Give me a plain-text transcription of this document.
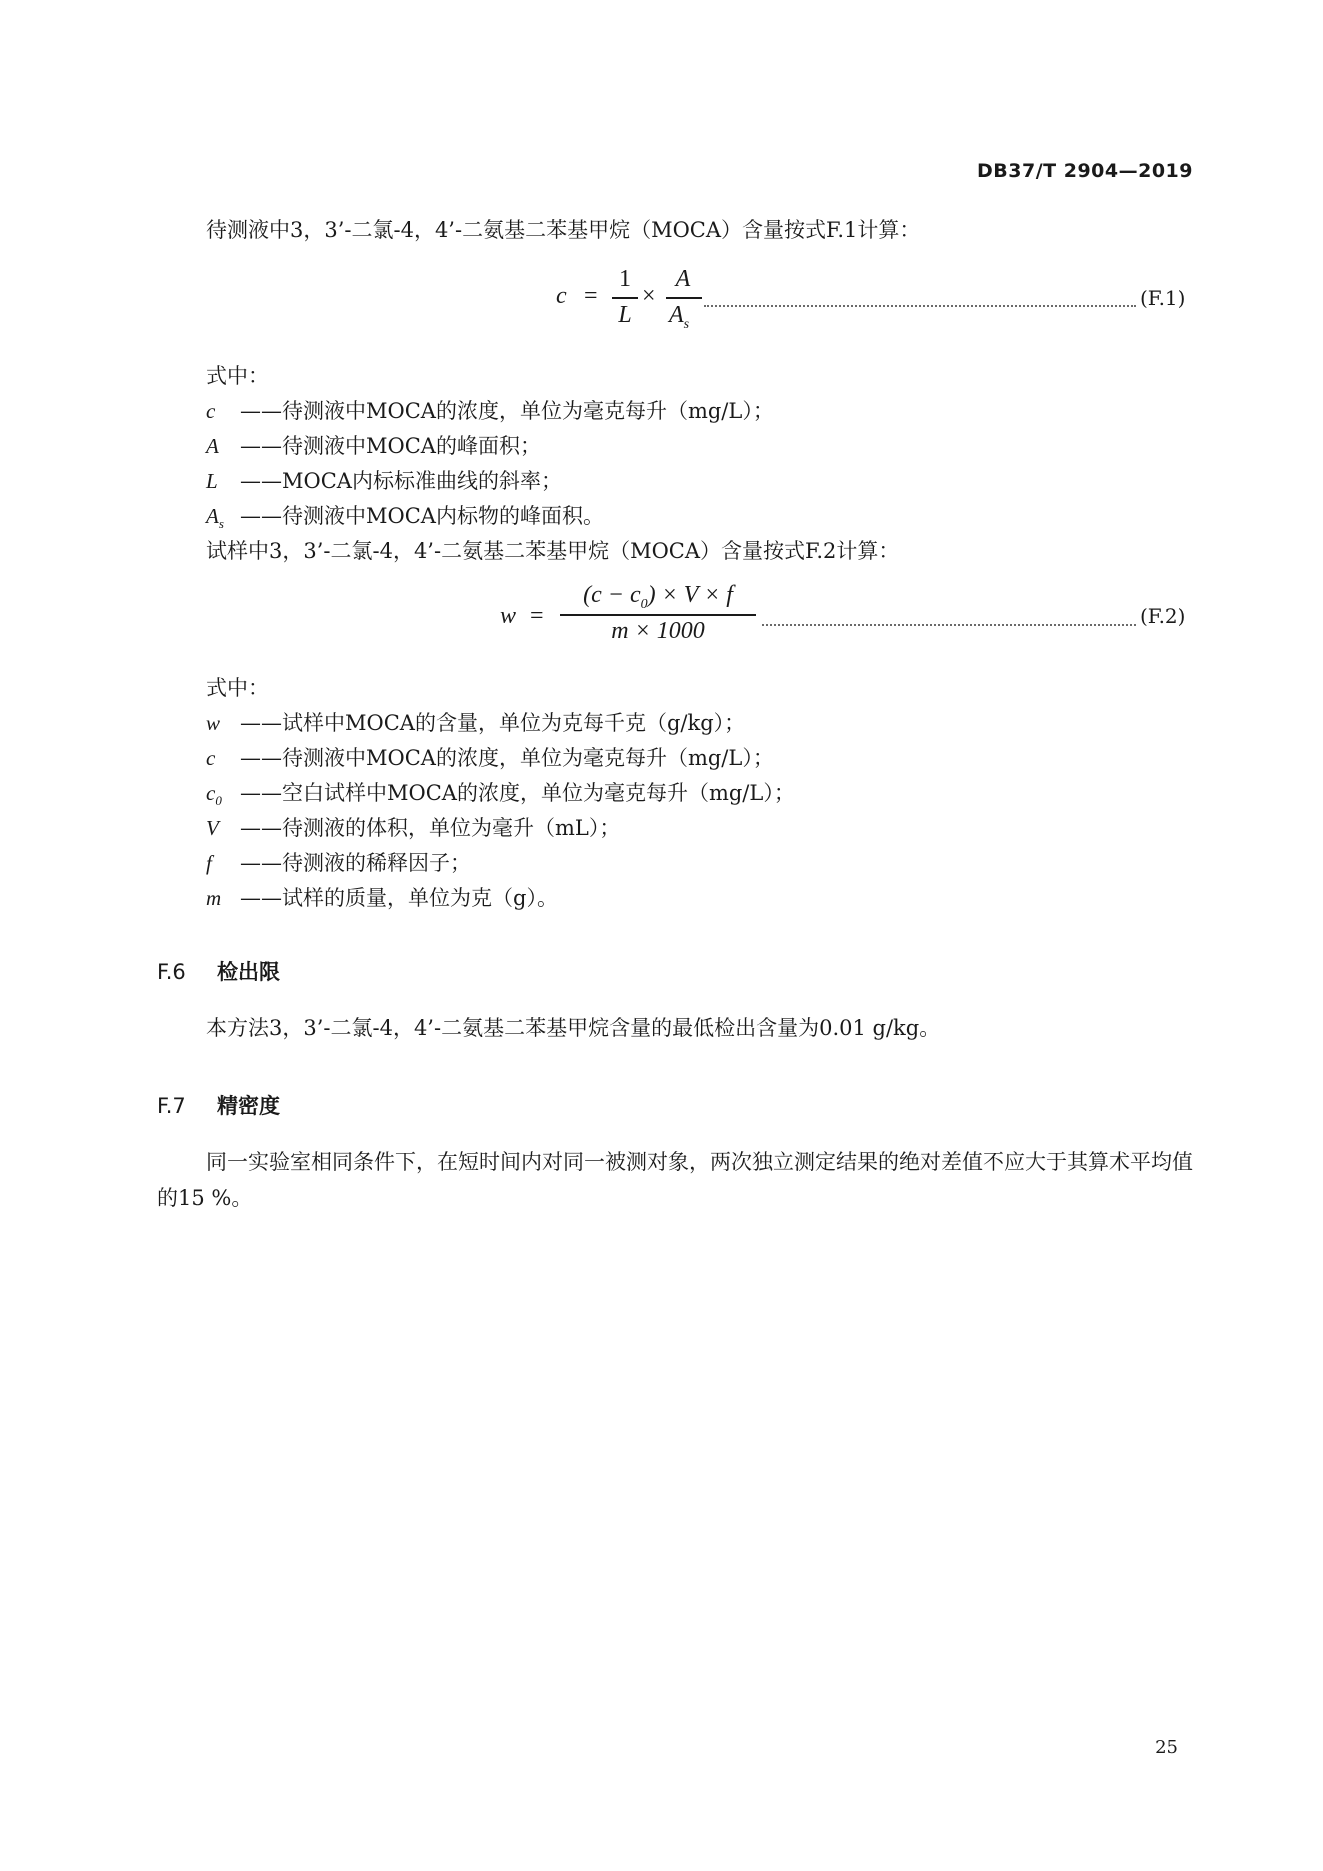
DB37/T 2904—2019
待测液中3，3’-二氯-4，4’-二氨基二苯基甲烷（MOCA）含量按式F.1计算：
c =
1
L
×
A
$A_s$
(F.1)
式中：
c ——待测液中MOCA的浓度，单位为毫克每升（mg/L）；
A ——待测液中MOCA的峰面积；
L ——MOCA内标标准曲线的斜率；
$A_s$ ——待测液中MOCA内标物的峰面积。
试样中3，3’-二氯-4，4’-二氨基二苯基甲烷（MOCA）含量按式F.2计算：
w =
$(c - c_0) \times V \times f$
m × 1000
(F.2)
式中：
w ——试样中MOCA的含量，单位为克每千克（g/kg）；
c ——待测液中MOCA的浓度，单位为毫克每升（mg/L）；
$c_0$ ——空白试样中MOCA的浓度，单位为毫克每升（mg/L）；
V ——待测液的体积，单位为毫升（mL）；
f ——待测液的稀释因子；
m ——试样的质量，单位为克（g）。
F.6 检出限
本方法3，3’-二氯-4，4’-二氨基二苯基甲烷含量的最低检出含量为0.01 g/kg。
F.7 精密度
同一实验室相同条件下，在短时间内对同一被测对象，两次独立测定结果的绝对差值不应大于其算术平均值的15 %。
25
